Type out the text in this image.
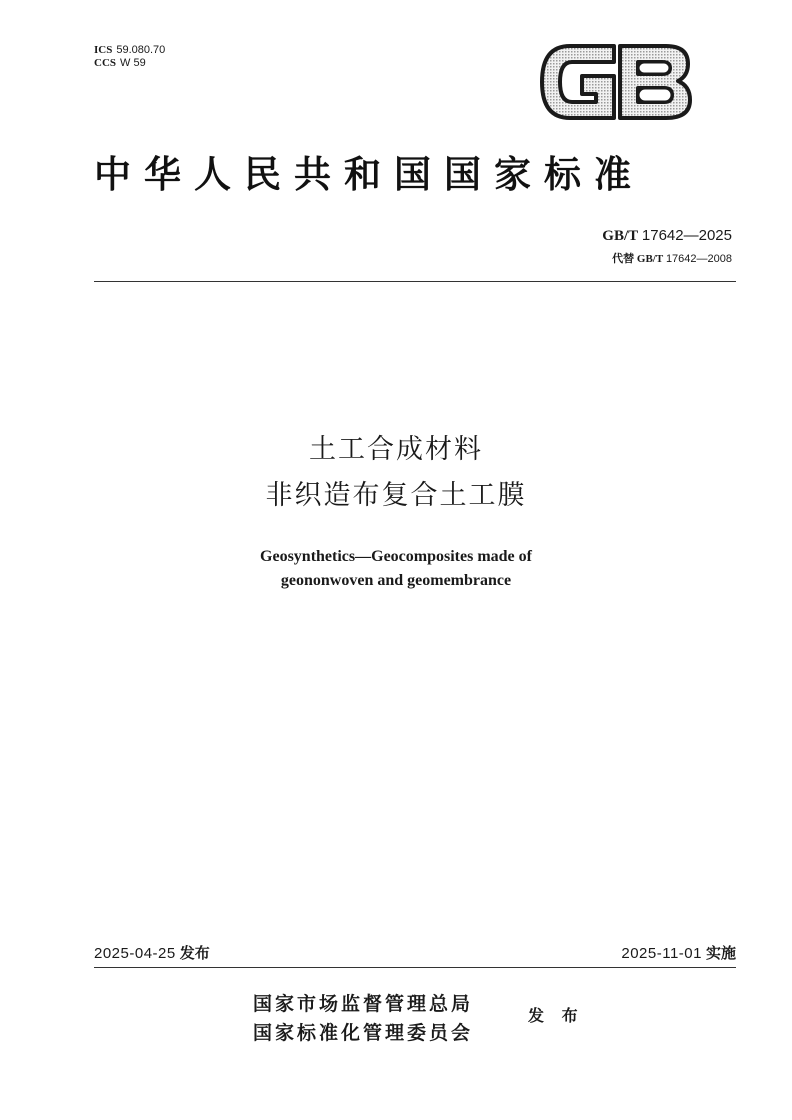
ICS 59.080.70
CCS W 59
中华人民共和国国家标准
GB/T 17642—2025
代替 GB/T 17642—2008
土工合成材料
非织造布复合土工膜
Geosynthetics—Geocomposites made of
geononwoven and geomembrance
2025-04-25 发布	2025-11-01 实施
国家市场监督管理总局
国家标准化管理委员会
发 布
